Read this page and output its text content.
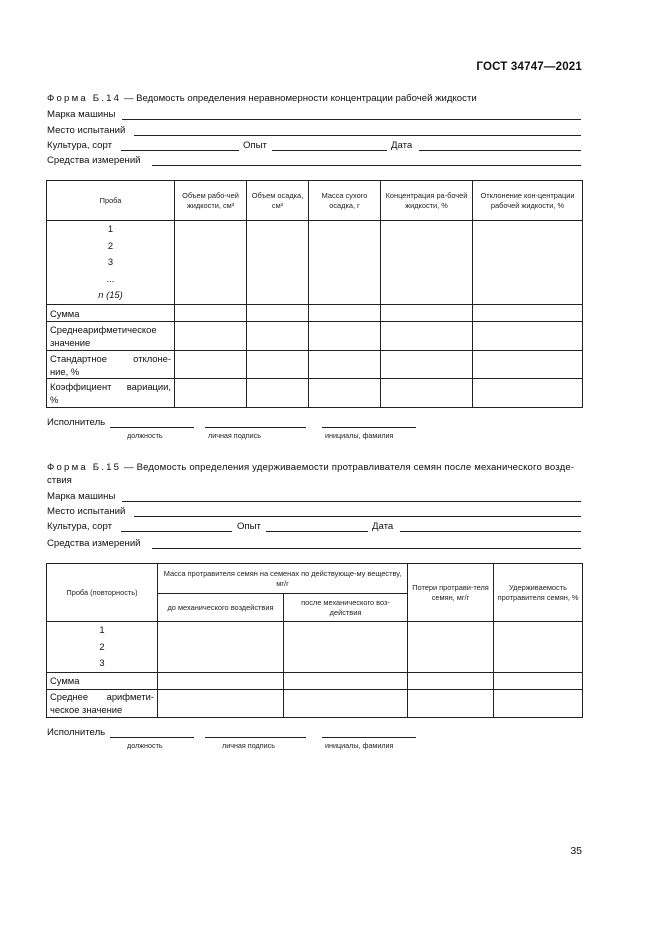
ГОСТ 34747—2021
Форма Б.14 — Ведомость определения неравномерности концентрации рабочей жидкости
Марка машины
Место испытаний
Культура, сорт	Опыт	Дата
Средства измерений
Проба	Объем рабо-чей жидкости, см³	Объем осадка, см³	Масса сухого осадка, г	Концентрация ра-бочей жидкости, %	Отклонение кон-центрации рабочей жидкости, %

1
2
3
...
n (15)					

Сумма					

Среднеарифметическое
значение					

Стандартное отклоне-
ние, %					

Коэффициент вариации,
%					

Исполнитель
должность	личная подпись	инициалы, фамилия
Форма Б.15 — Ведомость определения удерживаемости протравливателя семян после механического возде-
ствия
Марка машины
Место испытаний
Культура, сорт	Опыт	Дата
Средства измерений
Проба (повторность)	Масса протравителя семян на семенах по действующе-му веществу, мг/г		Потери протрави-теля семян, мг/г	Удерживаемость протравителя семян, %
	до механического воздействия	после механического воз-действия		

1
2
3				

Сумма				

Среднее арифмети-
ческое значение				

Исполнитель
должность	личная подпись	инициалы, фамилия
35
